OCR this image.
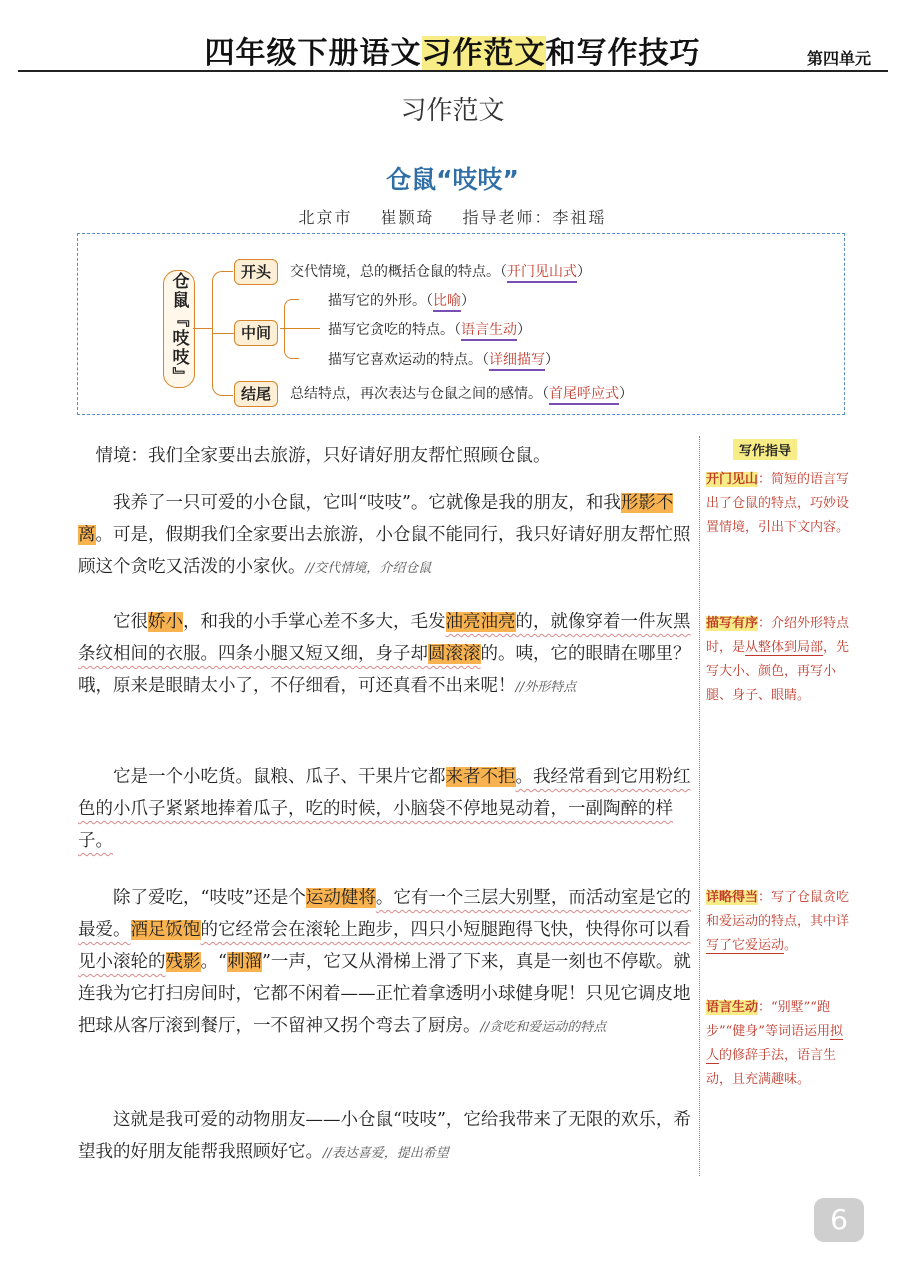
四年级下册语文习作范文和写作技巧	第四单元
习作范文
仓鼠“吱吱”
北京市 崔颢琦 指导老师：李祖瑶
仓鼠『吱吱』	开头
中间
结尾
交代情境，总的概括仓鼠的特点。（开门见山式）
描写它的外形。（比喻）
描写它贪吃的特点。（语言生动）
描写它喜欢运动的特点。（详细描写）
总结特点，再次表达与仓鼠之间的感情。（首尾呼应式）

情境：我们全家要出去旅游，只好请好朋友帮忙照顾仓鼠。

我养了一只可爱的小仓鼠，它叫“吱吱”。它就像是我的朋友，和我形影不离。可是，假期我们全家要出去旅游，小仓鼠不能同行，我只好请好朋友帮忙照顾这个贪吃又活泼的小家伙。//交代情境，介绍仓鼠

它很娇小，和我的小手掌心差不多大，毛发油亮油亮的，就像穿着一件灰黑条纹相间的衣服。四条小腿又短又细，身子却圆滚滚的。咦，它的眼睛在哪里？哦，原来是眼睛太小了，不仔细看，可还真看不出来呢！//外形特点

它是一个小吃货。鼠粮、瓜子、干果片它都来者不拒。我经常看到它用粉红色的小爪子紧紧地捧着瓜子，吃的时候，小脑袋不停地晃动着，一副陶醉的样子。

除了爱吃，“吱吱”还是个运动健将。它有一个三层大别墅，而活动室是它的最爱。酒足饭饱的它经常会在滚轮上跑步，四只小短腿跑得飞快，快得你可以看见小滚轮的残影。“刺溜”一声，它又从滑梯上滑了下来，真是一刻也不停歇。就连我为它打扫房间时，它都不闲着——正忙着拿透明小球健身呢！只见它调皮地把球从客厅滚到餐厅，一不留神又拐个弯去了厨房。//贪吃和爱运动的特点

这就是我可爱的动物朋友——小仓鼠“吱吱”，它给我带来了无限的欢乐，希望我的好朋友能帮我照顾好它。//表达喜爱，提出希望

写作指导
开门见山：简短的语言写出了仓鼠的特点，巧妙设置情境，引出下文内容。
描写有序：介绍外形特点时，是从整体到局部，先写大小、颜色，再写小腿、身子、眼睛。
详略得当：写了仓鼠贪吃和爱运动的特点，其中详写了它爱运动。
语言生动：“别墅”“跑步”“健身”等词语运用拟人的修辞手法，语言生动，且充满趣味。
6
